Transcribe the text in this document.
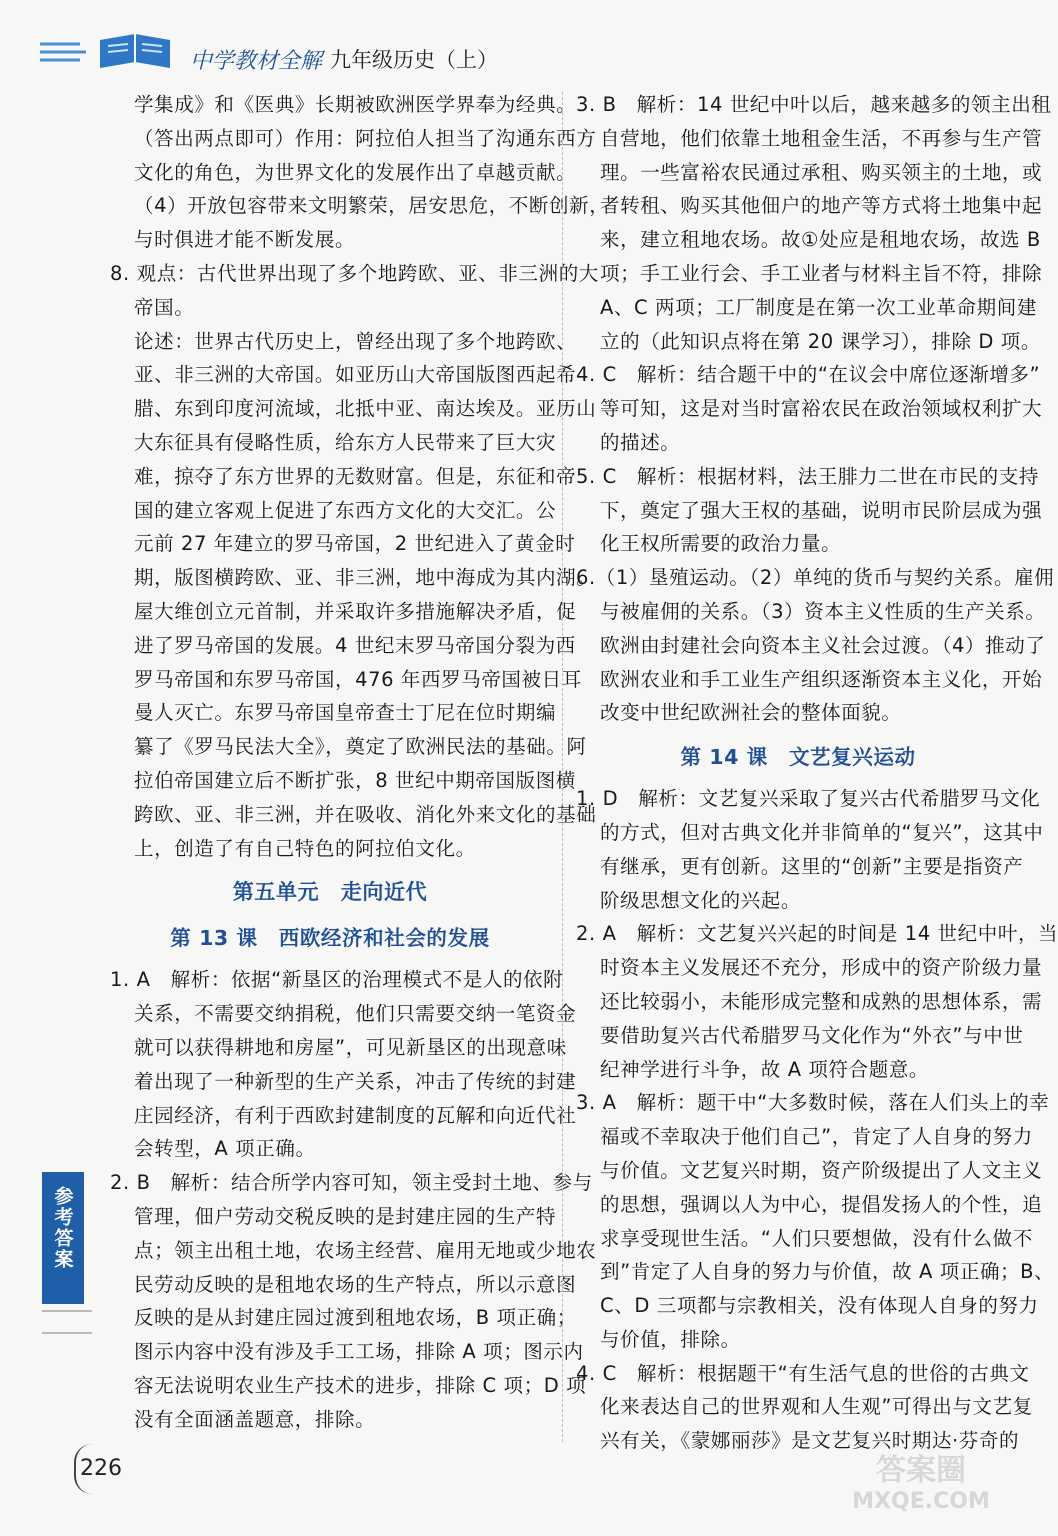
中学教材全解 九年级历史（上）
学集成》和《医典》长期被欧洲医学界奉为经典。
（答出两点即可）作用：阿拉伯人担当了沟通东西方
文化的角色，为世界文化的发展作出了卓越贡献。
（4）开放包容带来文明繁荣，居安思危，不断创新，
与时俱进才能不断发展。
8. 观点：古代世界出现了多个地跨欧、亚、非三洲的大
帝国。
论述：世界古代历史上，曾经出现了多个地跨欧、
亚、非三洲的大帝国。如亚历山大帝国版图西起希
腊、东到印度河流域，北抵中亚、南达埃及。亚历山
大东征具有侵略性质，给东方人民带来了巨大灾
难，掠夺了东方世界的无数财富。但是，东征和帝
国的建立客观上促进了东西方文化的大交汇。公
元前 27 年建立的罗马帝国，2 世纪进入了黄金时
期，版图横跨欧、亚、非三洲，地中海成为其内湖。
屋大维创立元首制，并采取许多措施解决矛盾，促
进了罗马帝国的发展。4 世纪末罗马帝国分裂为西
罗马帝国和东罗马帝国，476 年西罗马帝国被日耳
曼人灭亡。东罗马帝国皇帝查士丁尼在位时期编
纂了《罗马民法大全》，奠定了欧洲民法的基础。阿
拉伯帝国建立后不断扩张，8 世纪中期帝国版图横
跨欧、亚、非三洲，并在吸收、消化外来文化的基础
上，创造了有自己特色的阿拉伯文化。
第五单元　走向近代
第 13 课　西欧经济和社会的发展
1. A　解析：依据“新垦区的治理模式不是人的依附
关系，不需要交纳捐税，他们只需要交纳一笔资金
就可以获得耕地和房屋”，可见新垦区的出现意味
着出现了一种新型的生产关系，冲击了传统的封建
庄园经济，有利于西欧封建制度的瓦解和向近代社
会转型，A 项正确。
2. B　解析：结合所学内容可知，领主受封土地、参与
管理，佃户劳动交税反映的是封建庄园的生产特
点；领主出租土地，农场主经营、雇用无地或少地农
民劳动反映的是租地农场的生产特点，所以示意图
反映的是从封建庄园过渡到租地农场，B 项正确；
图示内容中没有涉及手工工场，排除 A 项；图示内
容无法说明农业生产技术的进步，排除 C 项；D 项
没有全面涵盖题意，排除。
3. B　解析：14 世纪中叶以后，越来越多的领主出租
自营地，他们依靠土地租金生活，不再参与生产管
理。一些富裕农民通过承租、购买领主的土地，或
者转租、购买其他佃户的地产等方式将土地集中起
来，建立租地农场。故①处应是租地农场，故选 B
项；手工业行会、手工业者与材料主旨不符，排除
A、C 两项；工厂制度是在第一次工业革命期间建
立的（此知识点将在第 20 课学习），排除 D 项。
4. C　解析：结合题干中的“在议会中席位逐渐增多”
等可知，这是对当时富裕农民在政治领域权利扩大
的描述。
5. C　解析：根据材料，法王腓力二世在市民的支持
下，奠定了强大王权的基础，说明市民阶层成为强
化王权所需要的政治力量。
6.（1）垦殖运动。（2）单纯的货币与契约关系。雇佣
与被雇佣的关系。（3）资本主义性质的生产关系。
欧洲由封建社会向资本主义社会过渡。（4）推动了
欧洲农业和手工业生产组织逐渐资本主义化，开始
改变中世纪欧洲社会的整体面貌。
第 14 课　文艺复兴运动
1. D　解析：文艺复兴采取了复兴古代希腊罗马文化
的方式，但对古典文化并非简单的“复兴”，这其中
有继承，更有创新。这里的“创新”主要是指资产
阶级思想文化的兴起。
2. A　解析：文艺复兴兴起的时间是 14 世纪中叶，当
时资本主义发展还不充分，形成中的资产阶级力量
还比较弱小，未能形成完整和成熟的思想体系，需
要借助复兴古代希腊罗马文化作为“外衣”与中世
纪神学进行斗争，故 A 项符合题意。
3. A　解析：题干中“大多数时候，落在人们头上的幸
福或不幸取决于他们自己”，肯定了人自身的努力
与价值。文艺复兴时期，资产阶级提出了人文主义
的思想，强调以人为中心，提倡发扬人的个性，追
求享受现世生活。“人们只要想做，没有什么做不
到”肯定了人自身的努力与价值，故 A 项正确；B、
C、D 三项都与宗教相关，没有体现人自身的努力
与价值，排除。
4. C　解析：根据题干“有生活气息的世俗的古典文
化来表达自己的世界观和人生观”可得出与文艺复
兴有关，《蒙娜丽莎》是文艺复兴时期达·芬奇的
参考答案
226	答案圈
MXQE.COM
